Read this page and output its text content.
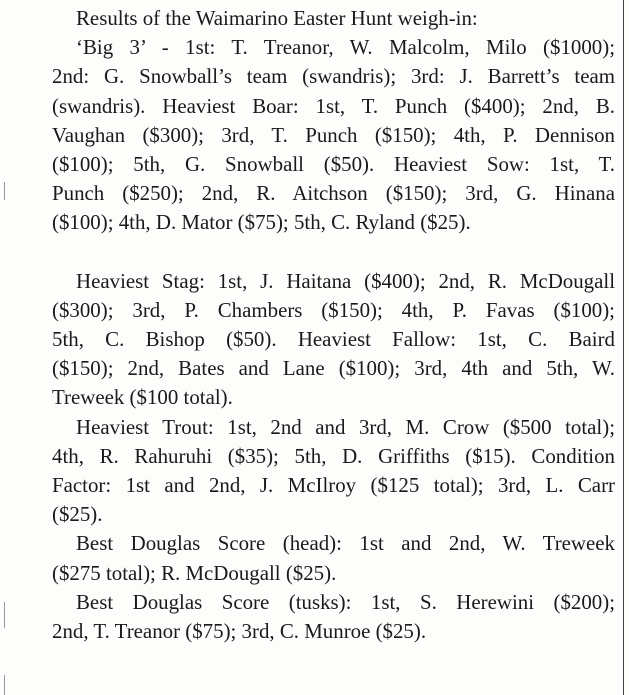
Results of the Waimarino Easter Hunt weigh-in:
‘Big 3’ - 1st: T. Treanor, W. Malcolm, Milo ($1000);
2nd: G. Snowball’s team (swandris); 3rd: J. Barrett’s team
(swandris). Heaviest Boar: 1st, T. Punch ($400); 2nd, B.
Vaughan ($300); 3rd, T. Punch ($150); 4th, P. Dennison
($100); 5th, G. Snowball ($50). Heaviest Sow: 1st, T.
Punch ($250); 2nd, R. Aitchson ($150); 3rd, G. Hinana
($100); 4th, D. Mator ($75); 5th, C. Ryland ($25).

Heaviest Stag: 1st, J. Haitana ($400); 2nd, R. McDougall
($300); 3rd, P. Chambers ($150); 4th, P. Favas ($100);
5th, C. Bishop ($50). Heaviest Fallow: 1st, C. Baird
($150); 2nd, Bates and Lane ($100); 3rd, 4th and 5th, W.
Treweek ($100 total).

Heaviest Trout: 1st, 2nd and 3rd, M. Crow ($500 total);
4th, R. Rahuruhi ($35); 5th, D. Griffiths ($15). Condition
Factor: 1st and 2nd, J. McIlroy ($125 total); 3rd, L. Carr
($25).

Best Douglas Score (head): 1st and 2nd, W. Treweek
($275 total); R. McDougall ($25).

Best Douglas Score (tusks): 1st, S. Herewini ($200);
2nd, T. Treanor ($75); 3rd, C. Munroe ($25).
